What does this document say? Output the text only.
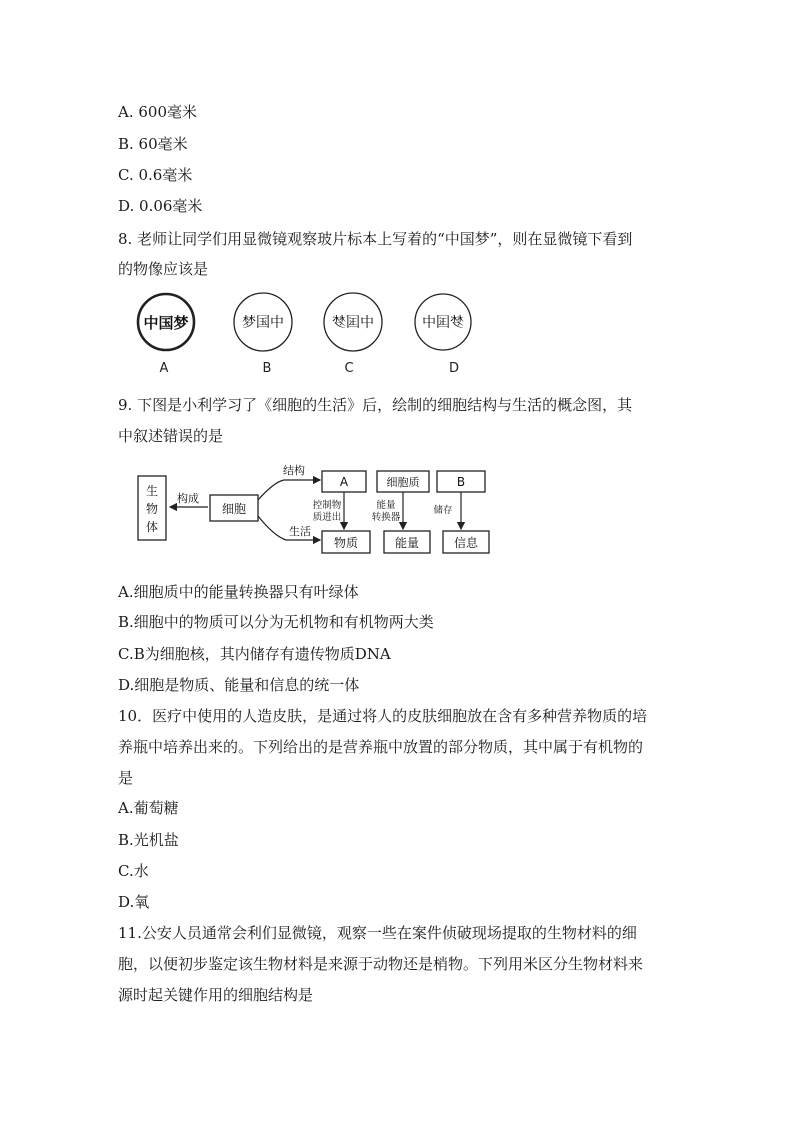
A. 600毫米
B. 60毫米
C. 0.6毫米
D. 0.06毫米
8. 老师让同学们用显微镜观察玻片标本上写着的“中国梦”，则在显微镜下看到
的物像应该是
中国梦
A
梦国中
B
中国梦
C
梦国中
D
9. 下图是小利学习了《细胞的生活》后，绘制的细胞结构与生活的概念图，其
中叙述错误的是
生
物
体
构成
细胞
结构
生活
A	细胞质	B
控制物
质进出
能量
转换器
储存
物质	能量	信息
A.细胞质中的能量转换器只有叶绿体
B.细胞中的物质可以分为无机物和有机物两大类
C.B为细胞核，其内储存有遗传物质DNA
D.细胞是物质、能量和信息的统一体
10．医疗中使用的人造皮肤，是通过将人的皮肤细胞放在含有多种营养物质的培
养瓶中培养出来的。下列给出的是营养瓶中放置的部分物质，其中属于有机物的
是
A.葡萄糖
B.光机盐
C.水
D.氧
11.公安人员通常会利们显微镜，观察一些在案件侦破现场提取的生物材料的细
胞，以便初步鉴定该生物材料是来源于动物还是梢物。下列用米区分生物材料来
源时起关键作用的细胞结构是
